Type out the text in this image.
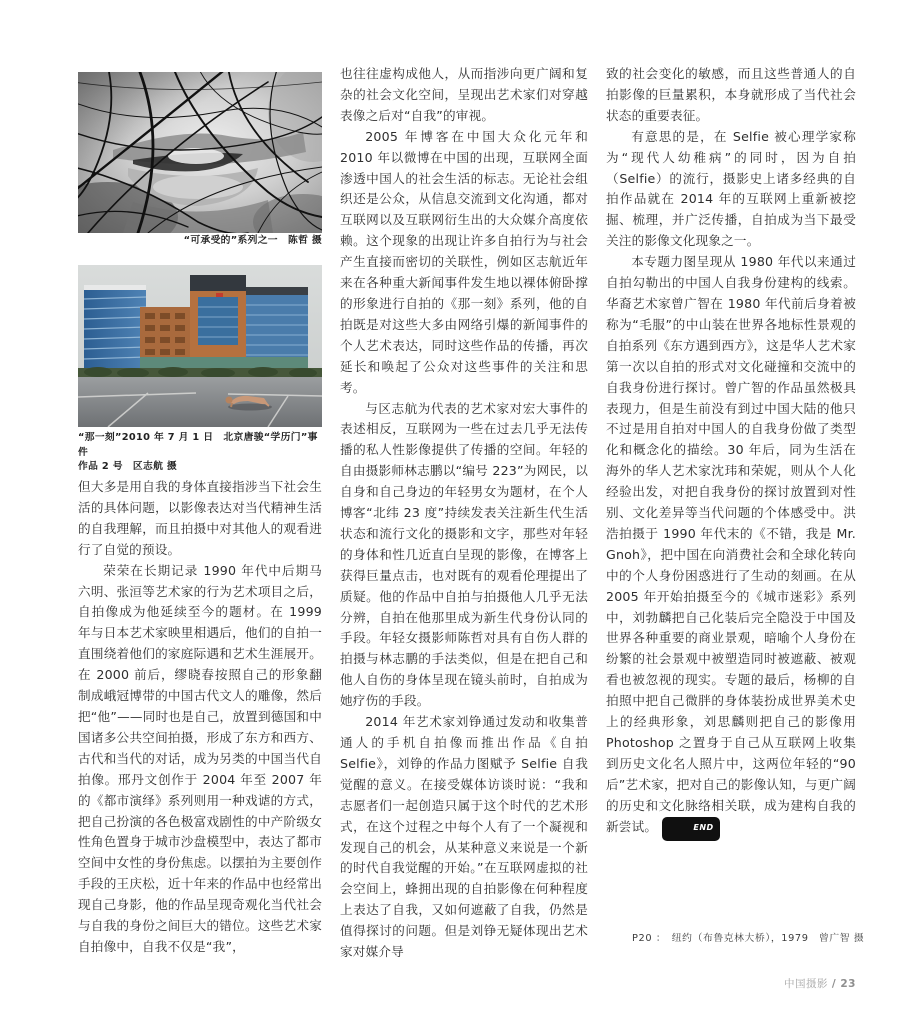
“可承受的”系列之一　陈哲 摄
“那一刻”2010 年 7 月 1 日　北京唐骏“学历门”事件
作品 2 号　区志航 摄

但大多是用自我的身体直接指涉当下社会生活的具体问题，以影像表达对当代精神生活的自我理解，而且拍摄中对其他人的观看进行了自觉的预设。

荣荣在长期记录 1990 年代中后期马六明、张洹等艺术家的行为艺术项目之后，自拍像成为他延续至今的题材。在 1999 年与日本艺术家映里相遇后，他们的自拍一直围绕着他们的家庭际遇和艺术生涯展开。在 2000 前后，缪晓春按照自己的形象翻制成峨冠博带的中国古代文人的雕像，然后把“他”——同时也是自己，放置到德国和中国诸多公共空间拍摄，形成了东方和西方、古代和当代的对话，成为另类的中国当代自拍像。邢丹文创作于 2004 年至 2007 年的《都市演绎》系列则用一种戏谑的方式，把自己扮演的各色极富戏剧性的中产阶级女性角色置身于城市沙盘模型中，表达了都市空间中女性的身份焦虑。以摆拍为主要创作手段的王庆松，近十年来的作品中也经常出现自己身影，他的作品呈现奇观化当代社会与自我的身份之间巨大的错位。这些艺术家自拍像中，自我不仅是“我”，

也往往虚构成他人，从而指涉向更广阔和复杂的社会文化空间，呈现出艺术家们对穿越表像之后对“自我”的审视。

2005 年博客在中国大众化元年和 2010 年以微博在中国的出现，互联网全面渗透中国人的社会生活的标志。无论社会组织还是公众，从信息交流到文化沟通，都对互联网以及互联网衍生出的大众媒介高度依赖。这个现象的出现让许多自拍行为与社会产生直接而密切的关联性，例如区志航近年来在各种重大新闻事件发生地以裸体俯卧撑的形象进行自拍的《那一刻》系列，他的自拍既是对这些大多由网络引爆的新闻事件的个人艺术表达，同时这些作品的传播，再次延长和唤起了公众对这些事件的关注和思考。

与区志航为代表的艺术家对宏大事件的表述相反，互联网为一些在过去几乎无法传播的私人性影像提供了传播的空间。年轻的自由摄影师林志鹏以“编号 223”为网民，以自身和自己身边的年轻男女为题材，在个人博客“北纬 23 度”持续发表关注新生代生活状态和流行文化的摄影和文字，那些对年轻的身体和性几近直白呈现的影像，在博客上获得巨量点击，也对既有的观看伦理提出了质疑。他的作品中自拍与拍摄他人几乎无法分辨，自拍在他那里成为新生代身份认同的手段。年轻女摄影师陈哲对具有自伤人群的拍摄与林志鹏的手法类似，但是在把自己和他人自伤的身体呈现在镜头前时，自拍成为她疗伤的手段。

2014 年艺术家刘铮通过发动和收集普通人的手机自拍像而推出作品《自拍 Selfie》，刘铮的作品力图赋予 Selfie 自我觉醒的意义。在接受媒体访谈时说：“我和志愿者们一起创造只属于这个时代的艺术形式，在这个过程之中每个人有了一个凝视和发现自己的机会，从某种意义来说是一个新的时代自我觉醒的开始。”在互联网虚拟的社会空间上，蜂拥出现的自拍影像在何种程度上表达了自我，又如何遮蔽了自我，仍然是值得探讨的问题。但是刘铮无疑体现出艺术家对媒介导

致的社会变化的敏感，而且这些普通人的自拍影像的巨量累积，本身就形成了当代社会状态的重要表征。

有意思的是，在 Selfie 被心理学家称为“现代人幼稚病”的同时，因为自拍（Selfie）的流行，摄影史上诸多经典的自拍作品就在 2014 年的互联网上重新被挖掘、梳理，并广泛传播，自拍成为当下最受关注的影像文化现象之一。

本专题力图呈现从 1980 年代以来通过自拍勾勒出的中国人自我身份建构的线索。华裔艺术家曾广智在 1980 年代前后身着被称为“毛服”的中山装在世界各地标性景观的自拍系列《东方遇到西方》，这是华人艺术家第一次以自拍的形式对文化碰撞和交流中的自我身份进行探讨。曾广智的作品虽然极具表现力，但是生前没有到过中国大陆的他只不过是用自拍对中国人的自我身份做了类型化和概念化的描绘。30 年后，同为生活在海外的华人艺术家沈玮和荣妮，则从个人化经验出发，对把自我身份的探讨放置到对性别、文化差异等当代问题的个体感受中。洪浩拍摄于 1990 年代末的《不错，我是 Mr. Gnoh》，把中国在向消费社会和全球化转向中的个人身份困惑进行了生动的刻画。在从 2005 年开始拍摄至今的《城市迷彩》系列中，刘勃麟把自己化装后完全隐没于中国及世界各种重要的商业景观，暗喻个人身份在纷繁的社会景观中被塑造同时被遮蔽、被观看也被忽视的现实。专题的最后，杨柳的自拍照中把自己微胖的身体装扮成世界美术史上的经典形象，刘思麟则把自己的影像用 Photoshop 之置身于自己从互联网上收集到历史文化名人照片中，这两位年轻的“90 后”艺术家，把对自己的影像认知，与更广阔的历史和文化脉络相关联，成为建构自我的新尝试。	END

P20 ：　纽约（布鲁克林大桥），1979　曾广智 摄
中国摄影 / 23
